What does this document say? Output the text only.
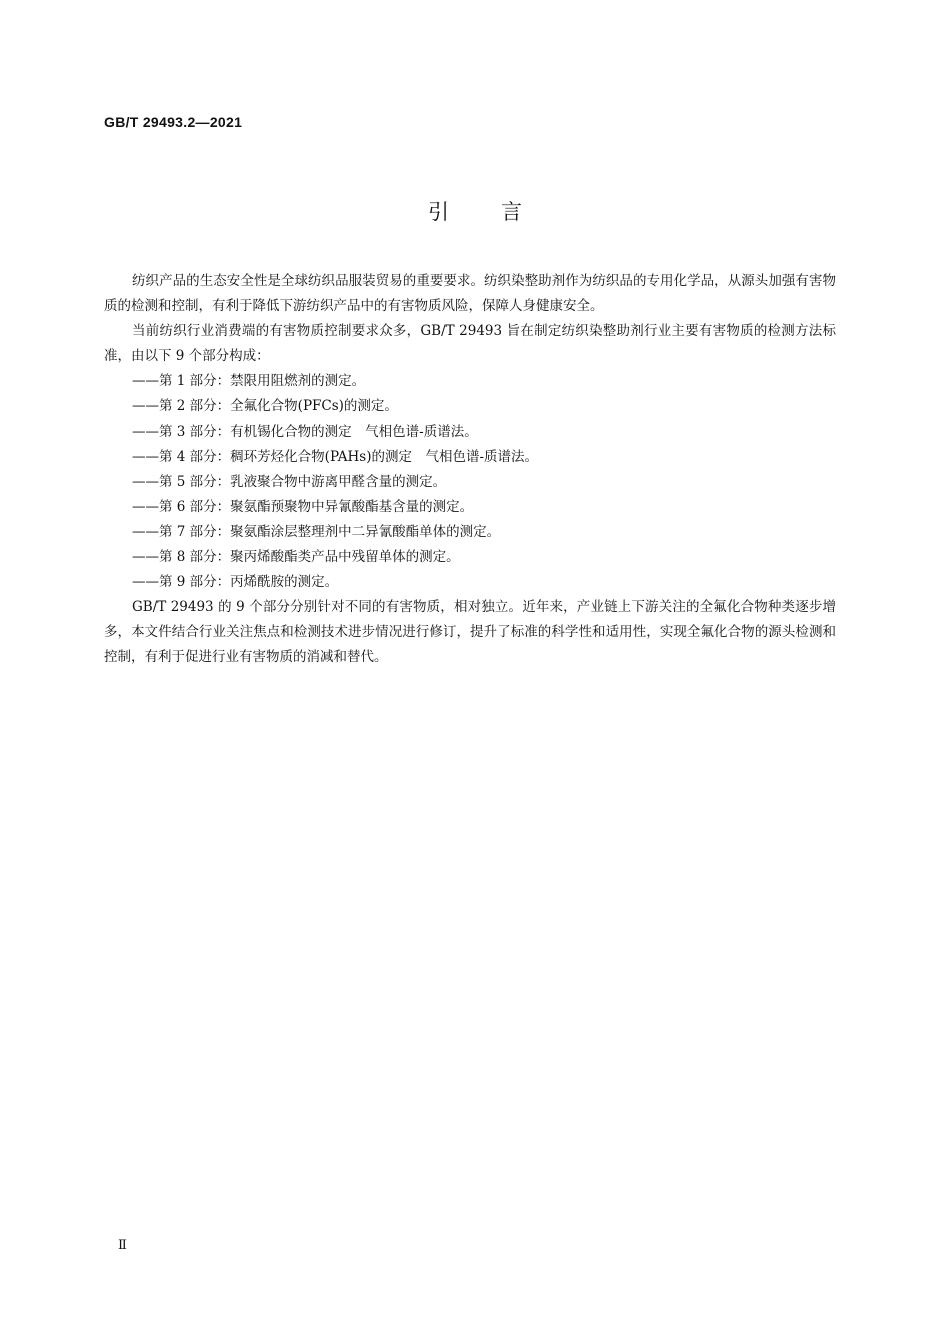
GB/T 29493.2—2021
引言

纺织产品的生态安全性是全球纺织品服装贸易的重要要求。纺织染整助剂作为纺织品的专用化学品，从源头加强有害物质的检测和控制，有利于降低下游纺织产品中的有害物质风险，保障人身健康安全。

当前纺织行业消费端的有害物质控制要求众多，GB/T 29493 旨在制定纺织染整助剂行业主要有害物质的检测方法标准，由以下 9 个部分构成：

——第 1 部分：禁限用阻燃剂的测定。
——第 2 部分：全氟化合物(PFCs)的测定。
——第 3 部分：有机锡化合物的测定　气相色谱-质谱法。
——第 4 部分：稠环芳烃化合物(PAHs)的测定　气相色谱-质谱法。
——第 5 部分：乳液聚合物中游离甲醛含量的测定。
——第 6 部分：聚氨酯预聚物中异氰酸酯基含量的测定。
——第 7 部分：聚氨酯涂层整理剂中二异氰酸酯单体的测定。
——第 8 部分：聚丙烯酸酯类产品中残留单体的测定。
——第 9 部分：丙烯酰胺的测定。

GB/T 29493 的 9 个部分分别针对不同的有害物质，相对独立。近年来，产业链上下游关注的全氟化合物种类逐步增多，本文件结合行业关注焦点和检测技术进步情况进行修订，提升了标准的科学性和适用性，实现全氟化合物的源头检测和控制，有利于促进行业有害物质的消减和替代。

Ⅱ
